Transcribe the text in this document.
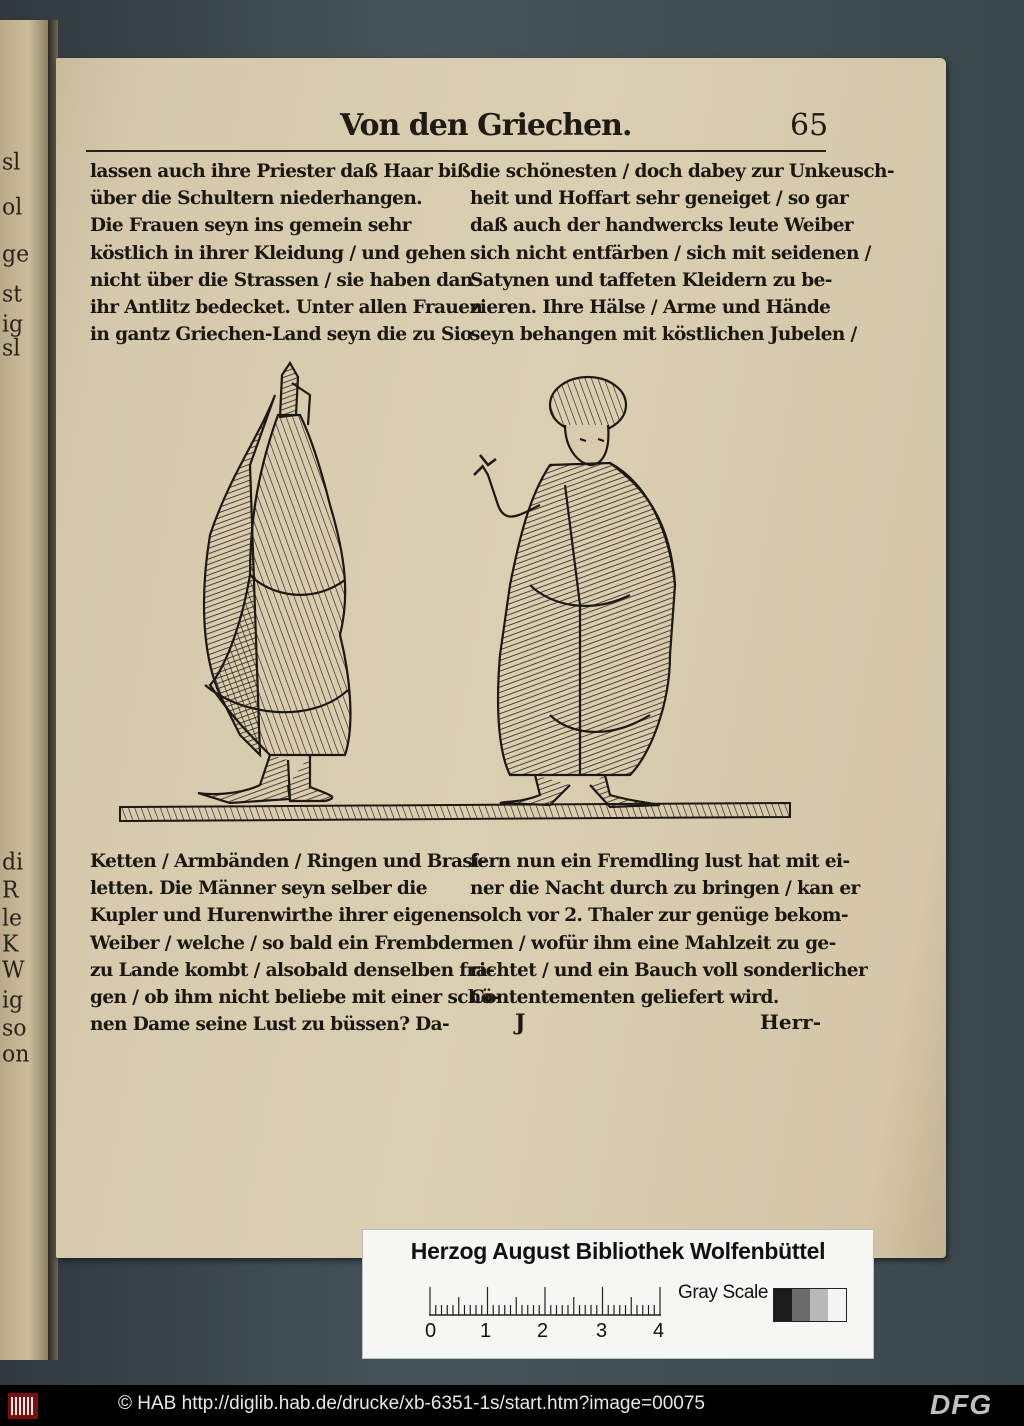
sl
ol
ge
st
ig
sl
di
R
le
K
W
ig
so
on
Von den Griechen.	65
lassen auch ihre Priester daß Haar biß
über die Schultern niederhangen.
Die Frauen seyn ins gemein sehr
köstlich in ihrer Kleidung / und gehen
nicht über die Strassen / sie haben dan
ihr Antlitz bedecket. Unter allen Frauen
in gantz Griechen-Land seyn die zu Sio
die schönesten / doch dabey zur Unkeusch-
heit und Hoffart sehr geneiget / so gar
daß auch der handwercks leute Weiber
sich nicht entfärben / sich mit seidenen /
Satynen und taffeten Kleidern zu be-
zieren. Ihre Hälse / Arme und Hände
seyn behangen mit köstlichen Jubelen /
Ketten / Armbänden / Ringen und Brasi-
letten. Die Männer seyn selber die
Kupler und Hurenwirthe ihrer eigenen
Weiber / welche / so bald ein Frembder
zu Lande kombt / alsobald denselben fra-
gen / ob ihm nicht beliebe mit einer schö-
nen Dame seine Lust zu büssen? Da-
fern nun ein Fremdling lust hat mit ei-
ner die Nacht durch zu bringen / kan er
solch vor 2. Thaler zur genüge bekom-
men / wofür ihm eine Mahlzeit zu ge-
richtet / und ein Bauch voll sonderlicher
Contentementen geliefert wird.
J	Herr-
Herzog August Bibliothek Wolfenbüttel
Gray Scale
0 1 2 3 4
© HAB http://diglib.hab.de/drucke/xb-6351-1s/start.htm?image=00075	DFG
